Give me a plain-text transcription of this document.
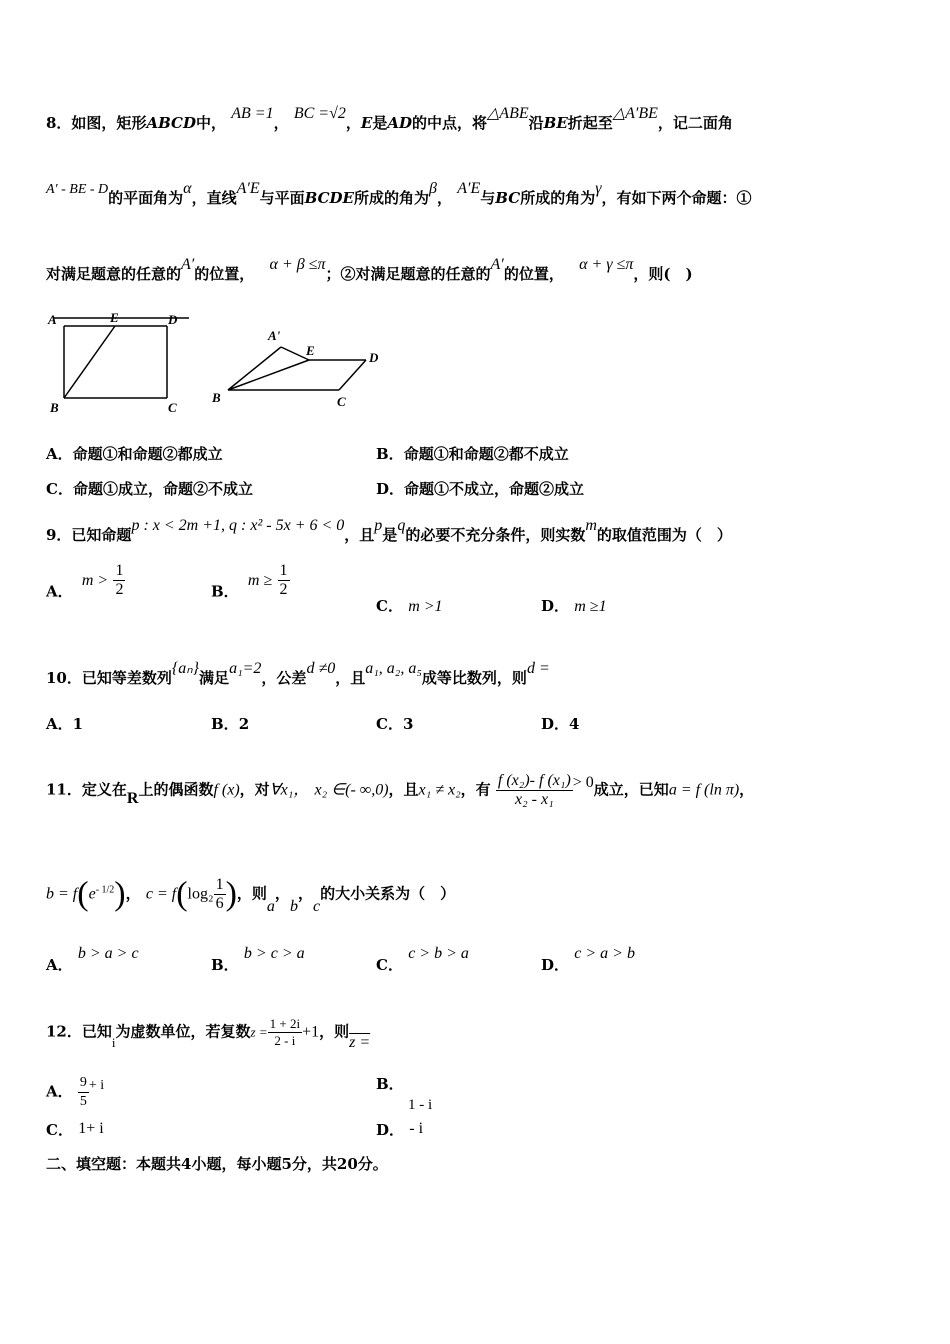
8．如图，矩形ABCD中， AB =1， BC =√2，E是AD的中点，将△ABE沿BE折起至△A′BE，记二面角
A′ - BE - D的平面角为α，直线A′E与平面BCDE所成的角为β， A′E与BC所成的角为γ，有如下两个命题：①
对满足题意的任意的A′的位置， α + β ≤π；②对满足题意的任意的A′的位置， α + γ ≤π，则(　)
A	E	D
B	C
A'
E	D
B	C
A．命题①和命题②都成立	B．命题①和命题②都不成立
C．命题①成立，命题②不成立	D．命题①不成立，命题②成立
9．已知命题p : x < 2m +1, q : x² - 5x + 6 < 0，且p是q的必要不充分条件，则实数m的取值范围为（　）
A． $m > \frac{1}{2}$	B． $m \ge \frac{1}{2}$
C． m >1	D． m ≥1
10．已知等差数列{aₙ}满足a₁=2，公差d ≠0，且a₁, a₂, a₅成等比数列，则d =
A．1	B．2	C．3	D．4
11．定义在R上的偶函数f (x)，对∀x₁， x₂ ∈(- ∞,0)，且x₁ ≠ x₂，有 $\frac{\text{f (x₂)- f (x₁)}}{\text{x₂ - x₁}} > 0$成立，已知a = f (ln π)，
$b = f(e^{- 1/2})$， $c = f(\log_2 \frac{1}{6}$ )，则a，b，c的大小关系为（　）
A． b > a > c
B． b > c > a
C． c > b > a
D． c > a > b
12．已知i为虚数单位，若复数$z = \frac{1 + 2i}{2 - i} +1$，则z =
A． $\frac{9}{5} + i$	B．
1 - i
C． 1+ i	D． - i
二、填空题：本题共4小题，每小题5分，共20分。
